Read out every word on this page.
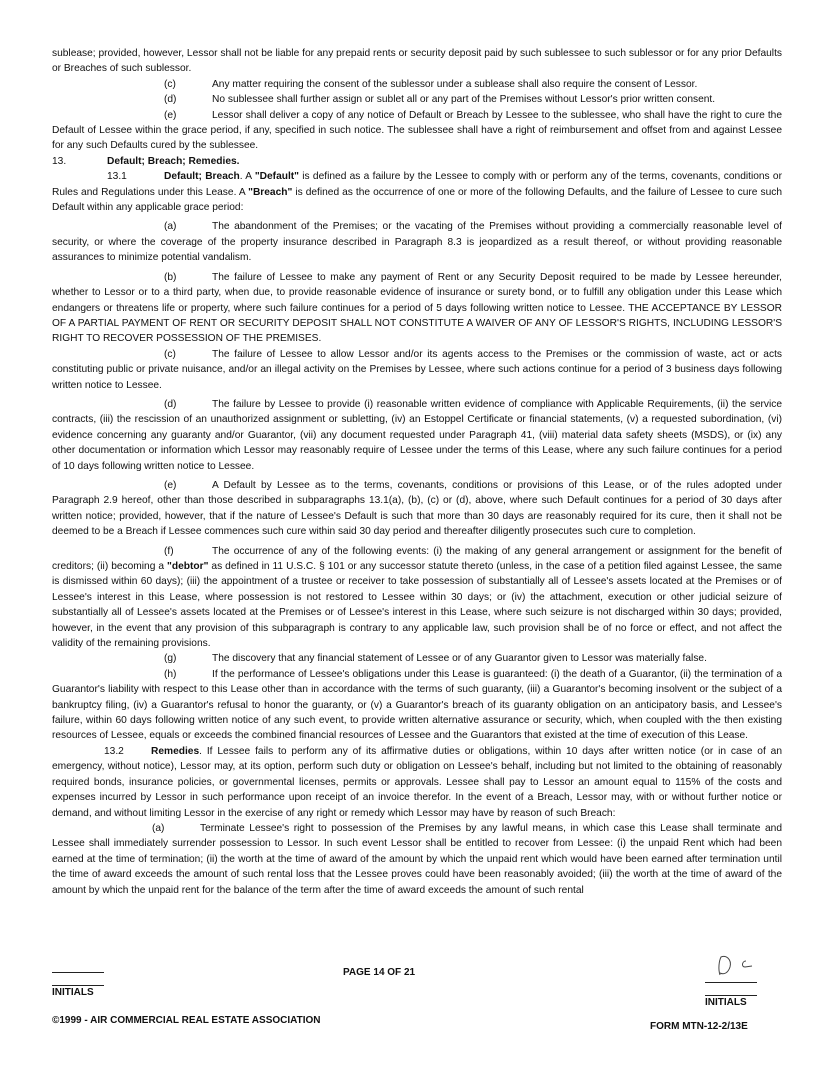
sublease; provided, however, Lessor shall not be liable for any prepaid rents or security deposit paid by such sublessee to such sublessor or for any prior Defaults or Breaches of such sublessor.

(c)	Any matter requiring the consent of the sublessor under a sublease shall also require the consent of Lessor.

(d)	No sublessee shall further assign or sublet all or any part of the Premises without Lessor's prior written consent.

(e)	Lessor shall deliver a copy of any notice of Default or Breach by Lessee to the sublessee, who shall have the right to cure the Default of Lessee within the grace period, if any, specified in such notice. The sublessee shall have a right of reimbursement and offset from and against Lessee for any such Defaults cured by the sublessee.

13.	Default; Breach; Remedies.

13.1	Default; Breach. A "Default" is defined as a failure by the Lessee to comply with or perform any of the terms, covenants, conditions or Rules and Regulations under this Lease. A "Breach" is defined as the occurrence of one or more of the following Defaults, and the failure of Lessee to cure such Default within any applicable grace period:

(a)	The abandonment of the Premises; or the vacating of the Premises without providing a commercially reasonable level of security, or where the coverage of the property insurance described in Paragraph 8.3 is jeopardized as a result thereof, or without providing reasonable assurances to minimize potential vandalism.

(b)	The failure of Lessee to make any payment of Rent or any Security Deposit required to be made by Lessee hereunder, whether to Lessor or to a third party, when due, to provide reasonable evidence of insurance or surety bond, or to fulfill any obligation under this Lease which endangers or threatens life or property, where such failure continues for a period of 5 days following written notice to Lessee. THE ACCEPTANCE BY LESSOR OF A PARTIAL PAYMENT OF RENT OR SECURITY DEPOSIT SHALL NOT CONSTITUTE A WAIVER OF ANY OF LESSOR'S RIGHTS, INCLUDING LESSOR'S RIGHT TO RECOVER POSSESSION OF THE PREMISES.

(c)	The failure of Lessee to allow Lessor and/or its agents access to the Premises or the commission of waste, act or acts constituting public or private nuisance, and/or an illegal activity on the Premises by Lessee, where such actions continue for a period of 3 business days following written notice to Lessee.

(d)	The failure by Lessee to provide (i) reasonable written evidence of compliance with Applicable Requirements, (ii) the service contracts, (iii) the rescission of an unauthorized assignment or subletting, (iv) an Estoppel Certificate or financial statements, (v) a requested subordination, (vi) evidence concerning any guaranty and/or Guarantor, (vii) any document requested under Paragraph 41, (viii) material data safety sheets (MSDS), or (ix) any other documentation or information which Lessor may reasonably require of Lessee under the terms of this Lease, where any such failure continues for a period of 10 days following written notice to Lessee.

(e)	A Default by Lessee as to the terms, covenants, conditions or provisions of this Lease, or of the rules adopted under Paragraph 2.9 hereof, other than those described in subparagraphs 13.1(a), (b), (c) or (d), above, where such Default continues for a period of 30 days after written notice; provided, however, that if the nature of Lessee's Default is such that more than 30 days are reasonably required for its cure, then it shall not be deemed to be a Breach if Lessee commences such cure within said 30 day period and thereafter diligently prosecutes such cure to completion.

(f)	The occurrence of any of the following events: (i) the making of any general arrangement or assignment for the benefit of creditors; (ii) becoming a "debtor" as defined in 11 U.S.C. § 101 or any successor statute thereto (unless, in the case of a petition filed against Lessee, the same is dismissed within 60 days); (iii) the appointment of a trustee or receiver to take possession of substantially all of Lessee's assets located at the Premises or of Lessee's interest in this Lease, where possession is not restored to Lessee within 30 days; or (iv) the attachment, execution or other judicial seizure of substantially all of Lessee's assets located at the Premises or of Lessee's interest in this Lease, where such seizure is not discharged within 30 days; provided, however, in the event that any provision of this subparagraph is contrary to any applicable law, such provision shall be of no force or effect, and not affect the validity of the remaining provisions.

(g)	The discovery that any financial statement of Lessee or of any Guarantor given to Lessor was materially false.

(h)	If the performance of Lessee's obligations under this Lease is guaranteed: (i) the death of a Guarantor, (ii) the termination of a Guarantor's liability with respect to this Lease other than in accordance with the terms of such guaranty, (iii) a Guarantor's becoming insolvent or the subject of a bankruptcy filing, (iv) a Guarantor's refusal to honor the guaranty, or (v) a Guarantor's breach of its guaranty obligation on an anticipatory basis, and Lessee's failure, within 60 days following written notice of any such event, to provide written alternative assurance or security, which, when coupled with the then existing resources of Lessee, equals or exceeds the combined financial resources of Lessee and the Guarantors that existed at the time of execution of this Lease.

13.2	Remedies. If Lessee fails to perform any of its affirmative duties or obligations, within 10 days after written notice (or in case of an emergency, without notice), Lessor may, at its option, perform such duty or obligation on Lessee's behalf, including but not limited to the obtaining of reasonably required bonds, insurance policies, or governmental licenses, permits or approvals. Lessee shall pay to Lessor an amount equal to 115% of the costs and expenses incurred by Lessor in such performance upon receipt of an invoice therefor. In the event of a Breach, Lessor may, with or without further notice or demand, and without limiting Lessor in the exercise of any right or remedy which Lessor may have by reason of such Breach:

(a)	Terminate Lessee's right to possession of the Premises by any lawful means, in which case this Lease shall terminate and Lessee shall immediately surrender possession to Lessor. In such event Lessor shall be entitled to recover from Lessee: (i) the unpaid Rent which had been earned at the time of termination; (ii) the worth at the time of award of the amount by which the unpaid rent which would have been earned after termination until the time of award exceeds the amount of such rental loss that the Lessee proves could have been reasonably avoided; (iii) the worth at the time of award of the amount by which the unpaid rent for the balance of the term after the time of award exceeds the amount of such rental

INITIALS
PAGE 14 OF 21
©1999 - AIR COMMERCIAL REAL ESTATE ASSOCIATION
INITIALS
FORM MTN-12-2/13E
